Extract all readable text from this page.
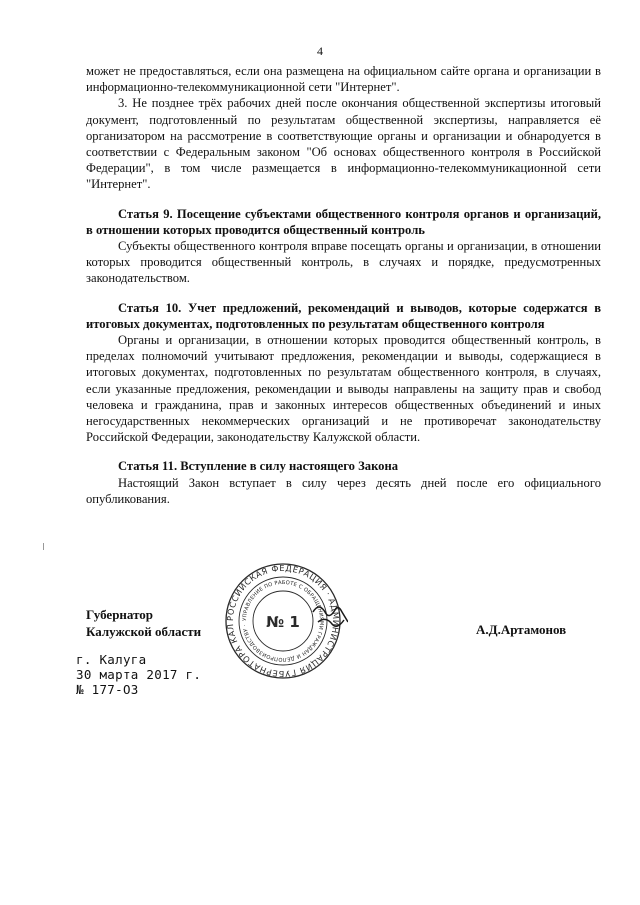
4

может не предоставляться, если она размещена на официальном сайте органа и организации в информационно-телекоммуникационной сети "Интернет".

3. Не позднее трёх рабочих дней после окончания общественной экспертизы итоговый документ, подготовленный по результатам общественной экспертизы, направляется её организатором на рассмотрение в соответствующие органы и организации и обнародуется в соответствии с Федеральным законом "Об основах общественного контроля в Российской Федерации", в том числе размещается в информационно-телекоммуникационной сети "Интернет".

Статья 9. Посещение субъектами общественного контроля органов и организаций, в отношении которых проводится общественный контроль

Субъекты общественного контроля вправе посещать органы и организации, в отношении которых проводится общественный контроль, в случаях и порядке, предусмотренных законодательством.

Статья 10. Учет предложений, рекомендаций и выводов, которые содержатся в итоговых документах, подготовленных по результатам общественного контроля

Органы и организации, в отношении которых проводится общественный контроль, в пределах полномочий учитывают предложения, рекомендации и выводы, содержащиеся в итоговых документах, подготовленных по результатам общественного контроля, в случаях, если указанные предложения, рекомендации и выводы направлены на защиту прав и свобод человека и гражданина, прав и законных интересов общественных объединений и иных негосударственных некоммерческих организаций и не противоречат законодательству Российской Федерации, законодательству Калужской области.

Статья 11. Вступление в силу настоящего Закона

Настоящий Закон вступает в силу через десять дней после его официального опубликования.

Губернатор
Калужской области
РОССИЙСКАЯ ФЕДЕРАЦИЯ · АДМИНИСТРАЦИЯ ГУБЕРНАТОРА КАЛ
УПРАВЛЕНИЕ ПО РАБОТЕ С ОБРАЩЕНИЯМИ ГРАЖДАН И ДЕЛОПРОИЗВОДСТВУ ·	№ 1	А.Д.Артамонов
г. Калуга
30 марта 2017 г.
№ 177-ОЗ
